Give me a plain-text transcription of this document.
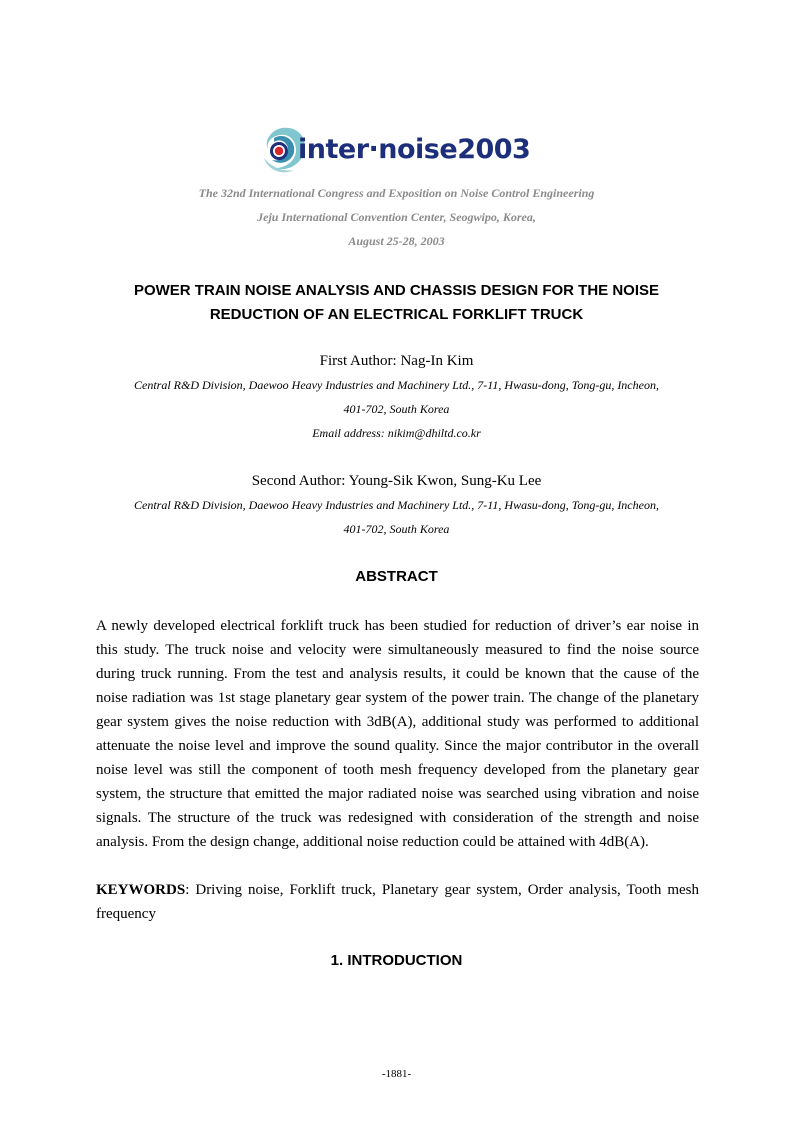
inter·noise2003
The 32nd International Congress and Exposition on Noise Control Engineering
Jeju International Convention Center, Seogwipo, Korea,
August 25-28, 2003
POWER TRAIN NOISE ANALYSIS AND CHASSIS DESIGN FOR THE NOISE
REDUCTION OF AN ELECTRICAL FORKLIFT TRUCK
First Author: Nag-In Kim
Central R&D Division, Daewoo Heavy Industries and Machinery Ltd., 7-11, Hwasu-dong, Tong-gu, Incheon,
401-702, South Korea
Email address: nikim@dhiltd.co.kr
Second Author: Young-Sik Kwon, Sung-Ku Lee
Central R&D Division, Daewoo Heavy Industries and Machinery Ltd., 7-11, Hwasu-dong, Tong-gu, Incheon,
401-702, South Korea
ABSTRACT

A newly developed electrical forklift truck has been studied for reduction of driver’s ear noise in this study. The truck noise and velocity were simultaneously measured to find the noise source during truck running. From the test and analysis results, it could be known that the cause of the noise radiation was 1st stage planetary gear system of the power train. The change of the planetary gear system gives the noise reduction with 3dB(A), additional study was performed to additional attenuate the noise level and improve the sound quality. Since the major contributor in the overall noise level was still the component of tooth mesh frequency developed from the planetary gear system, the structure that emitted the major radiated noise was searched using vibration and noise signals. The structure of the truck was redesigned with consideration of the strength and noise analysis. From the design change, additional noise reduction could be attained with 4dB(A).

KEYWORDS: Driving noise, Forklift truck, Planetary gear system, Order analysis, Tooth mesh frequency

1. INTRODUCTION
-1881-
